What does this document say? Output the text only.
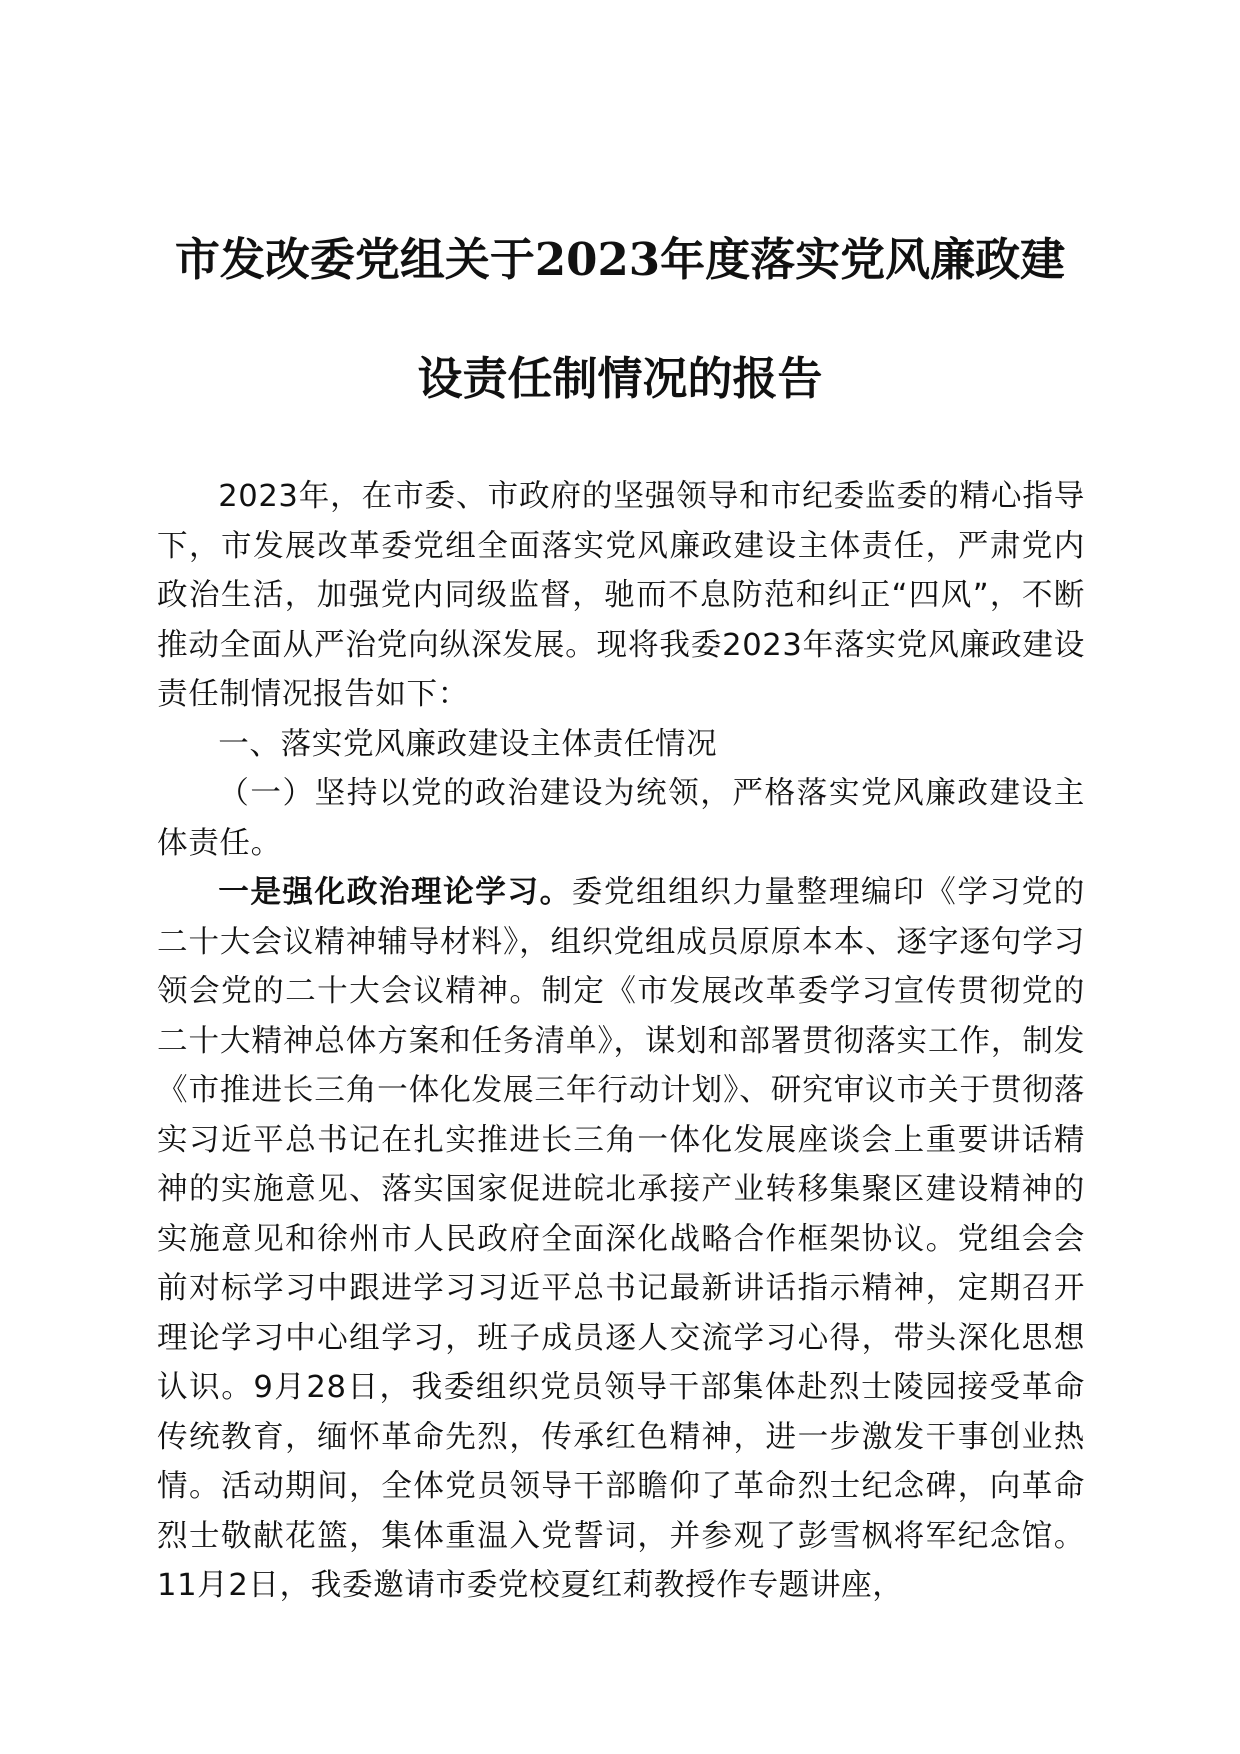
市发改委党组关于2023年度落实党风廉政建
设责任制情况的报告

2023年，在市委、市政府的坚强领导和市纪委监委的精心指导下，市发展改革委党组全面落实党风廉政建设主体责任，严肃党内政治生活，加强党内同级监督，驰而不息防范和纠正“四风”，不断推动全面从严治党向纵深发展。现将我委2023年落实党风廉政建设责任制情况报告如下：

一、落实党风廉政建设主体责任情况

（一）坚持以党的政治建设为统领，严格落实党风廉政建设主体责任。

一是强化政治理论学习。委党组组织力量整理编印《学习党的二十大会议精神辅导材料》，组织党组成员原原本本、逐字逐句学习领会党的二十大会议精神。制定《市发展改革委学习宣传贯彻党的二十大精神总体方案和任务清单》，谋划和部署贯彻落实工作，制发《市推进长三角一体化发展三年行动计划》、研究审议市关于贯彻落实习近平总书记在扎实推进长三角一体化发展座谈会上重要讲话精神的实施意见、落实国家促进皖北承接产业转移集聚区建设精神的实施意见和徐州市人民政府全面深化战略合作框架协议。党组会会前对标学习中跟进学习习近平总书记最新讲话指示精神，定期召开理论学习中心组学习，班子成员逐人交流学习心得，带头深化思想认识。9月28日，我委组织党员领导干部集体赴烈士陵园接受革命传统教育，缅怀革命先烈，传承红色精神，进一步激发干事创业热情。活动期间，全体党员领导干部瞻仰了革命烈士纪念碑，向革命烈士敬献花篮，集体重温入党誓词，并参观了彭雪枫将军纪念馆。11月2日，我委邀请市委党校夏红莉教授作专题讲座，
